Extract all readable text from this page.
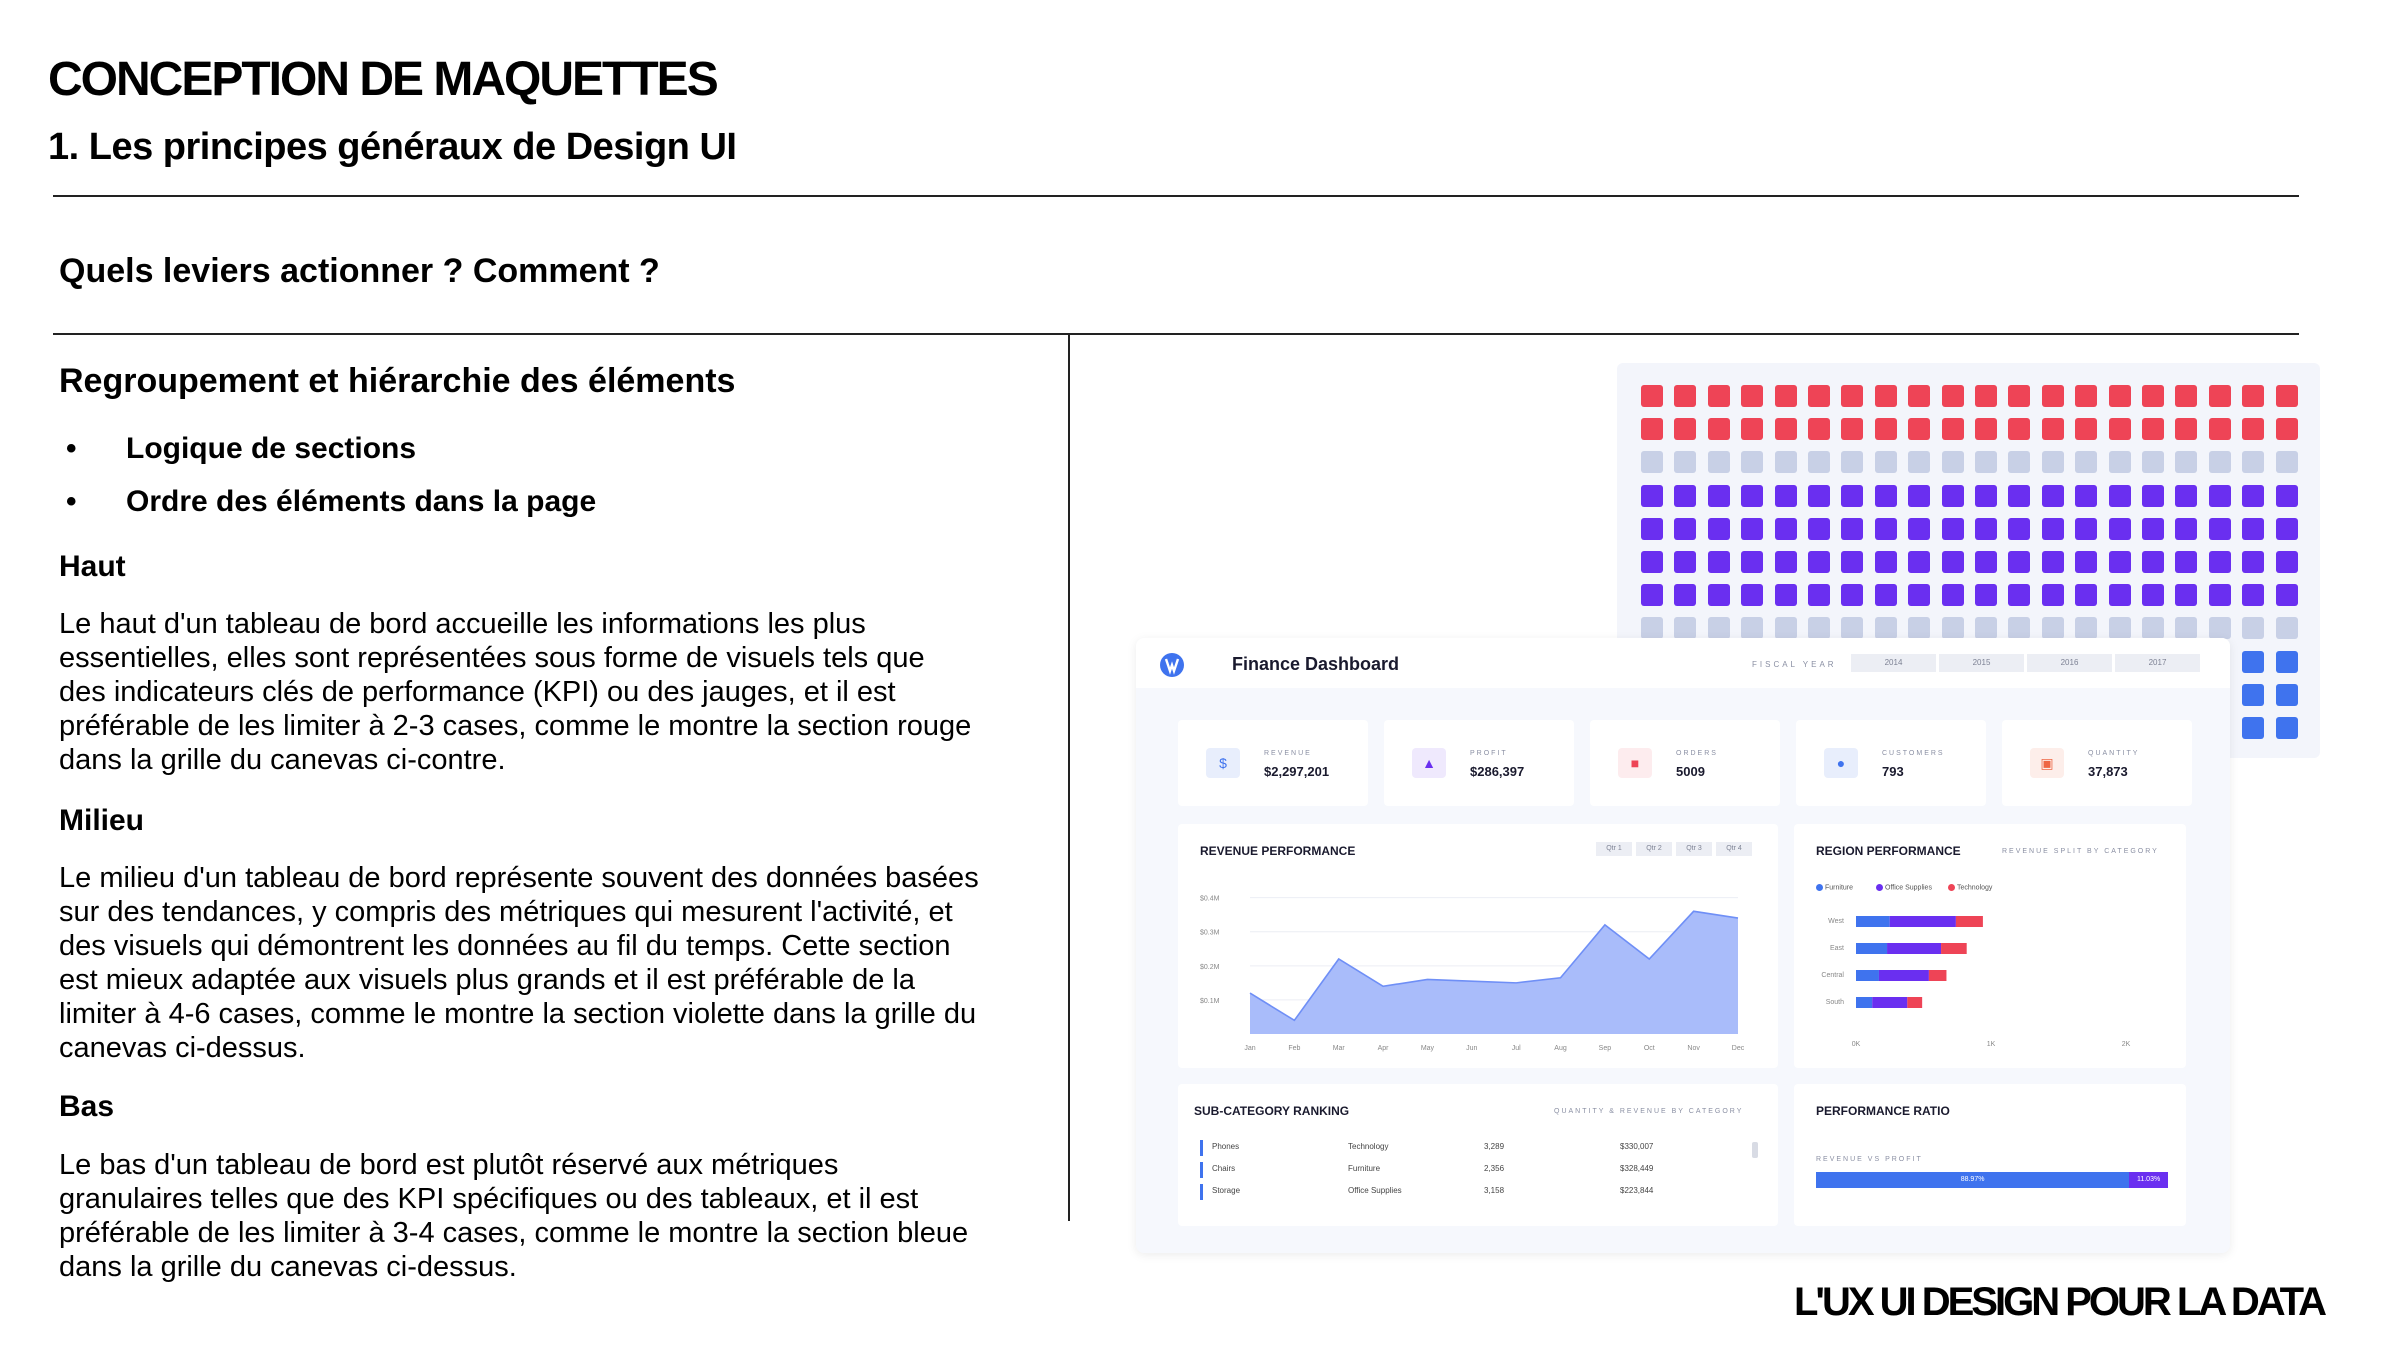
CONCEPTION DE MAQUETTES
1. Les principes généraux de Design UI
Quels leviers actionner ? Comment ?
Regroupement et hiérarchie des éléments
• Logique de sections
• Ordre des éléments dans la page
Haut
Le haut d'un tableau de bord accueille les informations les plus essentielles, elles sont représentées sous forme de visuels tels que des indicateurs clés de performance (KPI) ou des jauges, et il est préférable de les limiter à 2-3 cases, comme le montre la section rouge dans la grille du canevas ci-contre.
Milieu
Le milieu d'un tableau de bord représente souvent des données basées sur des tendances, y compris des métriques qui mesurent l'activité, et des visuels qui démontrent les données au fil du temps. Cette section est mieux adaptée aux visuels plus grands et il est préférable de la limiter à 4-6 cases, comme le montre la section violette dans la grille du canevas ci-dessus.
Bas
Le bas d'un tableau de bord est plutôt réservé aux métriques granulaires telles que des KPI spécifiques ou des tableaux, et il est préférable de les limiter à 3-4 cases, comme le montre la section bleue dans la grille du canevas ci-dessus.
L'UX UI DESIGN POUR LA DATA
Finance Dashboard	FISCAL YEAR	2014	2015	2016	2017
$
REVENUE
$2,297,201
▲
PROFIT
$286,397
■
ORDERS
5009
●
CUSTOMERS
793
▣
QUANTITY
37,873
REVENUE PERFORMANCE	Qtr 1	Qtr 2	Qtr 3	Qtr 4
$0.1M
$0.2M
$0.3M
$0.4M
Jan	Feb	Mar	Apr	May	Jun	Jul	Aug	Sep	Oct	Nov	Dec
REGION PERFORMANCE	REVENUE SPLIT BY CATEGORY
West
East
Central
South
0K	1K	2K
Furniture	Office Supplies	Technology
SUB-CATEGORY RANKING	QUANTITY & REVENUE BY CATEGORY
Phones	Technology	3,289	$330,007
Chairs	Furniture	2,356	$328,449
Storage	Office Supplies	3,158	$223,844
PERFORMANCE RATIO
REVENUE VS PROFIT
88.97%	11.03%
